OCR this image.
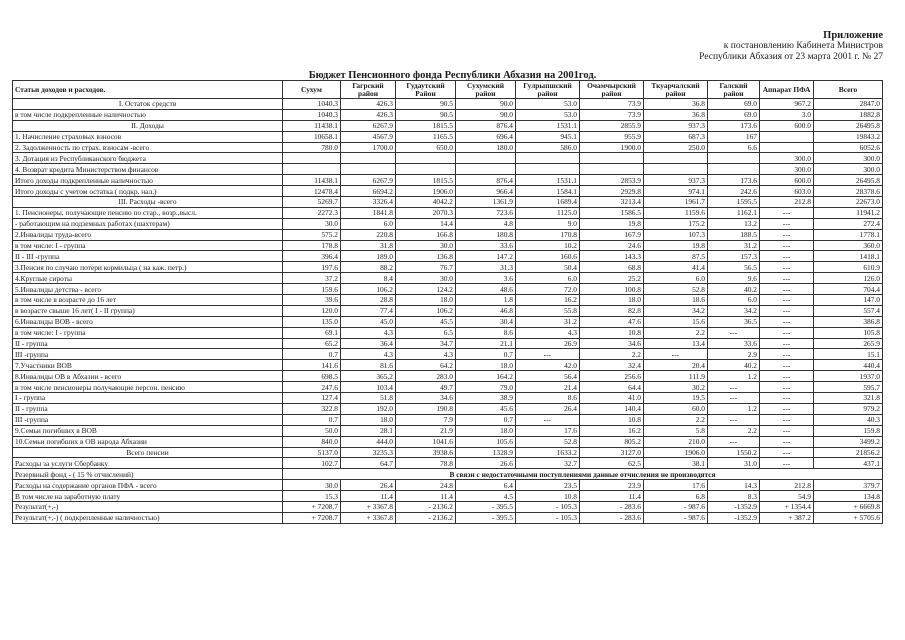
Приложение
к постановлению Кабинета Министров
Республики Абхазия от 23 марта 2001 г. № 27
Бюджет Пенсионного фонда Республики Абхазия на 2001год.
Статьи доходов и расходов.	Сухум	Гагрский район	Гудаутский Район	Сухумский район	Гулрыпшский район	Очамчырский район	Ткуарчалский район	Галский район	Аппарат ПФА	Всего
I. Остаток средств	1040.3	426.3	90.5	90.0	53.0	73.9	36.8	69.0	967.2	2847.0
в том числе подкрепленные наличностью	1040.3	426.3	90.5	90.0	53.0	73.9	36.8	69.0	3.0	1882.8
II. Доходы	11438.1	6267.9	1815.5	876.4	1531.1	2855.9	937.3	173.6	600.0	26495.8
1. Начисление страховых взносов	10658.1	4567.9	1165.5	696.4	945.1	955.9	687.3	167		19843.2
2. Задолженность по страх. взносам -всего	780.0	1700.0	650.0	180.0	586.0	1900.0	250.0	6.6		6052.6
3. Дотация из Республиканского бюджета									300.0	300.0
4. Возврат кредита Министерством финансов									300.0	300.0
Итого доходы подкрепленные наличностью	11438.1	6267.9	1815.5	876.4	1531.1	2853.9	937.3	173.6	600.0	26495.8
Итого доходы с учетом остатка ( подкр. нал.)	12478.4	6694.2	1906.0	966.4	1584.1	2929.8	974.1	242.6	603.0	28378.6
III. Расходы -всего	5269.7	3326.4	4042.2	1361.9	1689.4	3213.4	1961.7	1595.5	212.8	22673.0
1. Пенсионеры, получающие пенсию по стар., возр.,высл.	2272.3	1841.8	2070.3	723.6	1125.0	1586.5	1159.6	1162.1	---	11941.2
- работающим на подземных работах (шахтерам)	30.0	6.0	14.4	4.8	9.0	19.8	175.2	13.2	---	272.4
2.Инвалиды труда-всего	575.2	220.8	166.8	180.8	170.8	167.9	107.3	188.5	---	1778.1
в том числе: I - группа	178.8	31.8	30.0	33.6	10.2	24.6	19.8	31.2	---	360.0
II - III -группа	396.4	189.0	136.8	147.2	160.6	143.3	87.5	157.3	---	1418.1
3.Пенсия по случаю потери кормильца ( на каж. петр.)	197.6	88.2	76.7	31.3	50.4	68.8	41.4	56.5	---	610.9
4.Круглые сироты	37.2	8.4	30.0	3.6	6.0	25.2	6.0	9.6	---	126.0
5.Инвалиды детства - всего	159.6	106.2	124.2	48.6	72.0	100.8	52.8	40.2	---	704.4
в том числе в возрасте до 16 лет	39.6	28.8	18.0	1.8	16.2	18.0	18.6	6.0	---	147.0
в возрасте свыше 16 лет( I - II группа)	120.0	77.4	106.2	46.8	55.8	82.8	34.2	34.2	---	557.4
6.Инвалиды ВОВ - всего	135.0	45.0	45.5	30.4	31.2	47.6	15.6	36.5	---	386.8
в том числе: I - группа	69.1	4.3	6.5	8.6	4.3	10.8	2.2	---	---	105.8
II - группа	65.2	36.4	34.7	21.1	26.9	34.6	13.4	33.6	---	265.9
III -группа	0.7	4.3	4.3	0.7	---	2.2	---	2.9	---	15.1
7.Участники ВОВ	141.6	81.6	64.2	18.0	42.0	32.4	20.4	40.2	---	440.4
8.Инвалиды ОВ в Абхазии - всего	698.5	365.2	283.0	164.2	56.4	256.6	111.9	1.2	---	1937.0
в том числе пенсионеры получающие персон. пенсию	247.6	103.4	49.7	79.0	21.4	64.4	30.2	---	---	595.7
I - группа	127.4	51.8	34.6	38.9	8.6	41.0	19.5	---	---	321.8
II - группа	322.8	192.0	190.8	45.6	26.4	140.4	60.0	1.2	---	979.2
III -группа	0.7	18.0	7.9	0.7	---	10.8	2.2	---	---	40.3
9.Семьи погибших в ВОВ	50.0	28.1	21.9	18.0	17.6	16.2	5.8	2.2	---	159.8
10.Семьи погибших в ОВ народа Абхазии	840.0	444.0	1041.6	105.6	52.8	805.2	210.0	---	---	3499.2
Всего пенсии	5137.0	3235.3	3938.6	1328.9	1633.2	3127.0	1906.0	1550.2	---	21856.2
Расходы за услуги Сбербанку	102.7	64.7	78.8	26.6	32.7	62.5	38.1	31.0	---	437.1
Резервный фонд - ( 15 % отчислений)	В связи с недостаточными поступлениями данные отчисления не производятся									
Расходы на содержание органов ПФА - всего	30.0	26.4	24.8	6.4	23.5	23.9	17.6	14.3	212.8	379.7
В том числе на заработную плату	15.3	11.4	11.4	4.5	10.8	11.4	6.8	8.3	54.9	134.8
Результат(+,-)	+ 7208.7	+ 3367.8	- 2136.2	- 395.5	- 105.3	- 283.6	- 987.6	-1352.9	+ 1354.4	+ 6669.8
Результат(+,-) ( подкрепленные наличностью)	+ 7208.7	+ 3367.8	- 2136.2	- 395.5	- 105.3	- 283.6	- 987.6	-1352.9	+ 387.2	+ 5705.6
